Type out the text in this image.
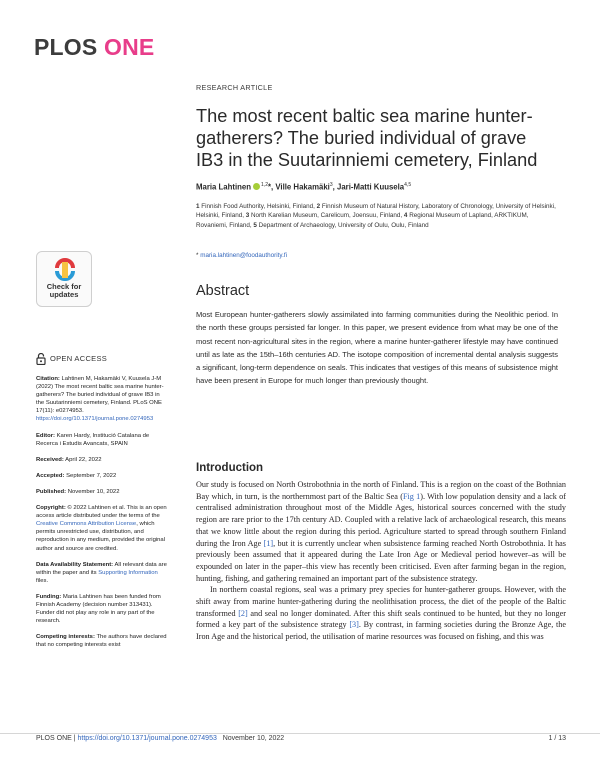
PLOS ONE
RESEARCH ARTICLE
The most recent baltic sea marine hunter-gatherers? The buried individual of grave IB3 in the Suutarinniemi cemetery, Finland
Maria Lahtinen $^{1,2}$*, Ville Hakamäki$^3$, Jari-Matti Kuusela$^{4,5}$
1 Finnish Food Authority, Helsinki, Finland, 2 Finnish Museum of Natural History, Laboratory of Chronology, University of Helsinki, Helsinki, Finland, 3 North Karelian Museum, Carelicum, Joensuu, Finland, 4 Regional Museum of Lapland, ARKTIKUM, Rovaniemi, Finland, 5 Department of Archaeology, University of Oulu, Oulu, Finland
* maria.lahtinen@foodauthority.fi
Check for
updates	Abstract
Most European hunter-gatherers slowly assimilated into farming communities during the Neolithic period. In the north these groups persisted far longer. In this paper, we present evidence from what may be one of the most recent non-agricultural sites in the region, where a marine hunter-gatherer lifestyle may have continued until as late as the 15th–16th centuries AD. The isotope composition of incremental dental analysis suggests a significant, long-term dependence on seals. This indicates that vestiges of this means of subsistence might have been present in Europe for much longer than previously thought.
OPEN ACCESS
Citation: Lahtinen M, Hakamäki V, Kuusela J-M (2022) The most recent baltic sea marine hunter-gatherers? The buried individual of grave IB3 in the Suutarinniemi cemetery, Finland. PLoS ONE 17(11): e0274953. https://doi.org/10.1371/journal.pone.0274953
Editor: Karen Hardy, Institució Catalana de Recerca i Estudis Avancats, SPAIN
Received: April 22, 2022
Accepted: September 7, 2022
Published: November 10, 2022
Copyright: © 2022 Lahtinen et al. This is an open access article distributed under the terms of the Creative Commons Attribution License, which permits unrestricted use, distribution, and reproduction in any medium, provided the original author and source are credited.
Data Availability Statement: All relevant data are within the paper and its Supporting Information files.
Funding: Maria Lahtinen has been funded from Finnish Academy (decision number 313431). Funder did not play any role in any part of the research.
Competing interests: The authors have declared that no competing interests exist
Introduction

Our study is focused on North Ostrobothnia in the north of Finland. This is a region on the coast of the Bothnian Bay which, in turn, is the northernmost part of the Baltic Sea (Fig 1). With low population density and a lack of centralised administration throughout most of the Middle Ages, historical sources concerned with the study region are rare prior to the 17th century AD. Coupled with a relative lack of archaeological research, this means that we know little about the region during this period. Agriculture started to spread through southern Finland during the Iron Age [1], but it is currently unclear when subsistence farming reached North Ostrobothnia. It has previously been assumed that it appeared during the Late Iron Age or Medieval period however–as will be expounded on later in the paper–this view has recently been criticised. Even after farming began in the region, hunting, fishing, and gathering remained an important part of the subsistence strategy.

In northern coastal regions, seal was a primary prey species for hunter-gatherer groups. However, with the shift away from marine hunter-gathering during the neolithisation process, the diet of the people of the Baltic transformed [2] and seal no longer dominated. After this shift seals continued to be hunted, but they no longer formed a key part of the subsistence strategy [3]. By contrast, in farming societies during the Bronze Age, the Iron Age and the historical period, the utilisation of marine resources was focused on fishing, and this was

PLOS ONE | https://doi.org/10.1371/journal.pone.0274953 November 10, 2022	1 / 13
